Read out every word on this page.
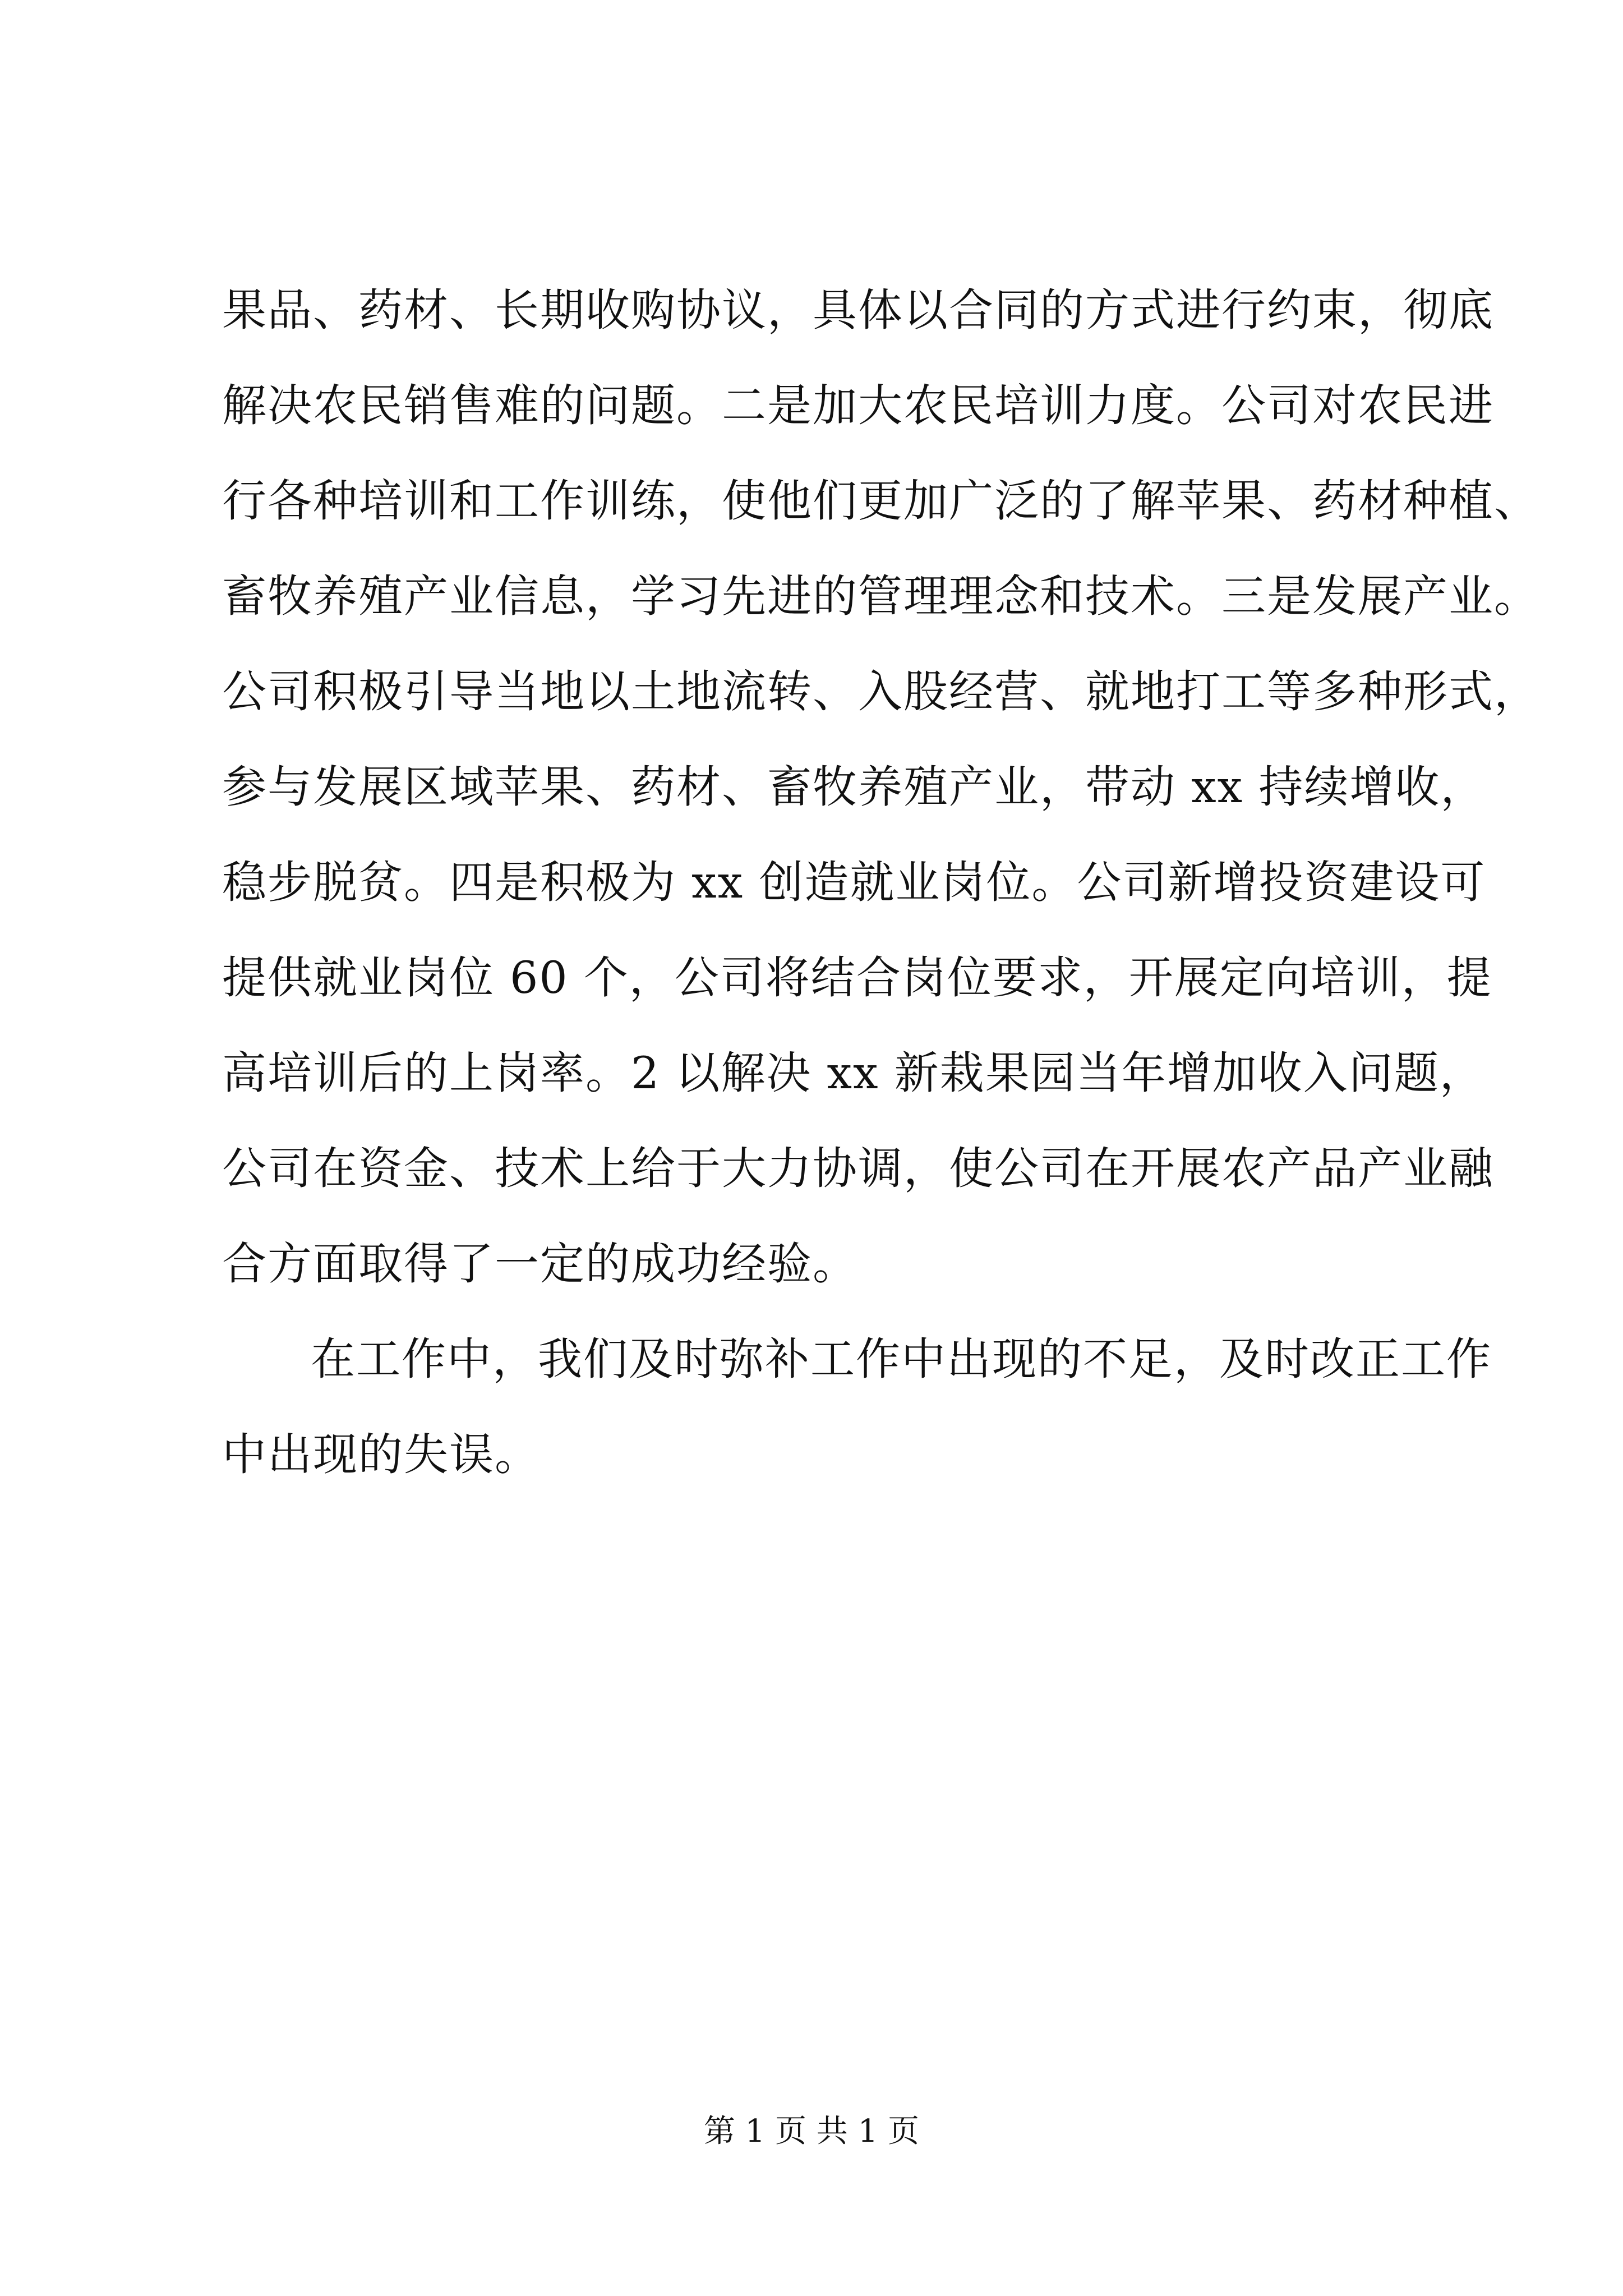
果品、药材、长期收购协议，具体以合同的方式进行约束，彻底
解决农民销售难的问题。二是加大农民培训力度。公司对农民进
行各种培训和工作训练，使他们更加广泛的了解苹果、药材种植、
畜牧养殖产业信息，学习先进的管理理念和技术。三是发展产业。
公司积极引导当地以土地流转、入股经营、就地打工等多种形式，
参与发展区域苹果、药材、畜牧养殖产业，带动 xx 持续增收，
稳步脱贫。四是积极为 xx 创造就业岗位。公司新增投资建设可
提供就业岗位 60 个，公司将结合岗位要求，开展定向培训，提
高培训后的上岗率。2 以解决 xx 新栽果园当年增加收入问题，
公司在资金、技术上给于大力协调，使公司在开展农产品产业融
合方面取得了一定的成功经验。
在工作中，我们及时弥补工作中出现的不足，及时改正工作
中出现的失误。
第 1 页 共 1 页
